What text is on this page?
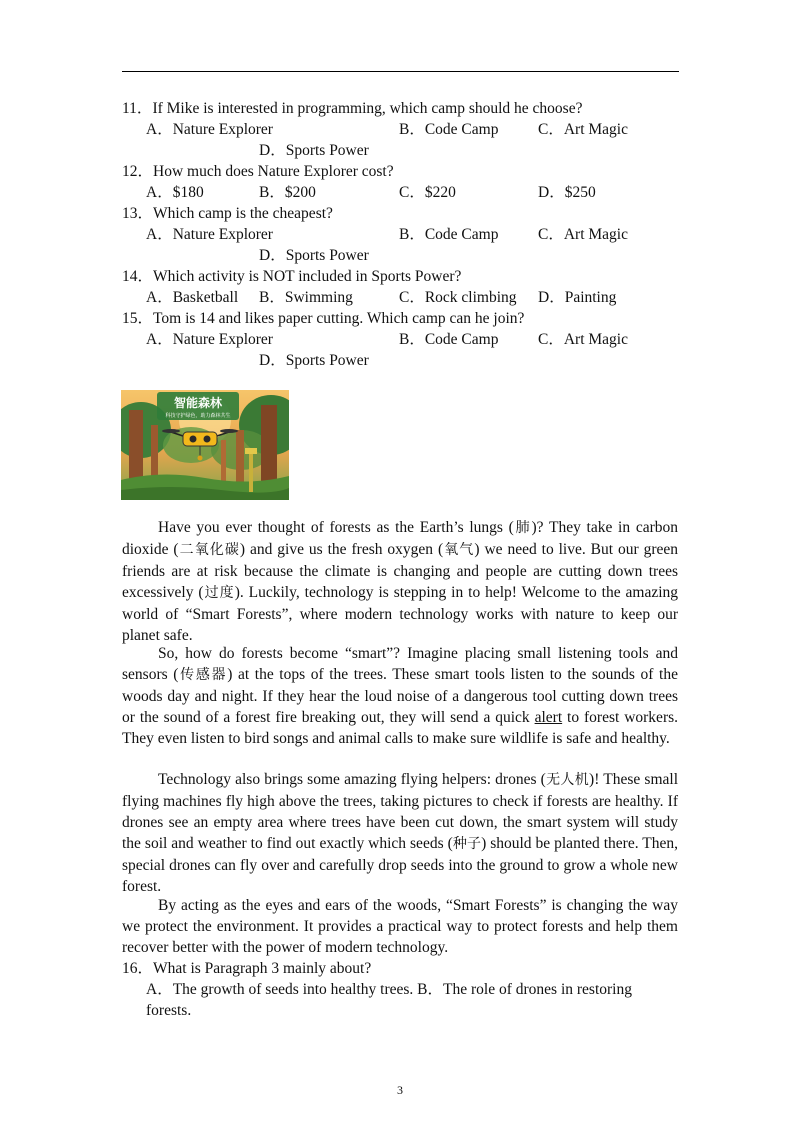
11．If Mike is interested in programming, which camp should he choose?
A．Nature Explorer	B．Code Camp	C．Art Magic
D．Sports Power
12．How much does Nature Explorer cost?
A．$180	B．$200	C．$220	D．$250
13．Which camp is the cheapest?
A．Nature Explorer	B．Code Camp	C．Art Magic
D．Sports Power
14．Which activity is NOT included in Sports Power?
A．Basketball B．Swimming	C．Rock climbing D．Painting
15．Tom is 14 and likes paper cutting. Which camp can he join?
A．Nature Explorer	B．Code Camp	C．Art Magic
D．Sports Power
智能森林
科技守护绿色，助力森林共生

Have you ever thought of forests as the Earth’s lungs (肺)? They take in carbon dioxide (二氧化碳) and give us the fresh oxygen (氧气) we need to live. But our green friends are at risk because the climate is changing and people are cutting down trees excessively (过度). Luckily, technology is stepping in to help! Welcome to the amazing world of “Smart Forests”, where modern technology works with nature to keep our planet safe.

So, how do forests become “smart”? Imagine placing small listening tools and sensors (传感器) at the tops of the trees. These smart tools listen to the sounds of the woods day and night. If they hear the loud noise of a dangerous tool cutting down trees or the sound of a forest fire breaking out, they will send a quick alert to forest workers. They even listen to bird songs and animal calls to make sure wildlife is safe and healthy.

Technology also brings some amazing flying helpers: drones (无人机)! These small flying machines fly high above the trees, taking pictures to check if forests are healthy. If drones see an empty area where trees have been cut down, the smart system will study the soil and weather to find out exactly which seeds (种子) should be planted there. Then, special drones can fly over and carefully drop seeds into the ground to grow a whole new forest.

By acting as the eyes and ears of the woods, “Smart Forests” is changing the way we protect the environment. It provides a practical way to protect forests and help them recover better with the power of modern technology.

16．What is Paragraph 3 mainly about?
A．The growth of seeds into healthy trees. B．The role of drones in restoring
forests.
3
